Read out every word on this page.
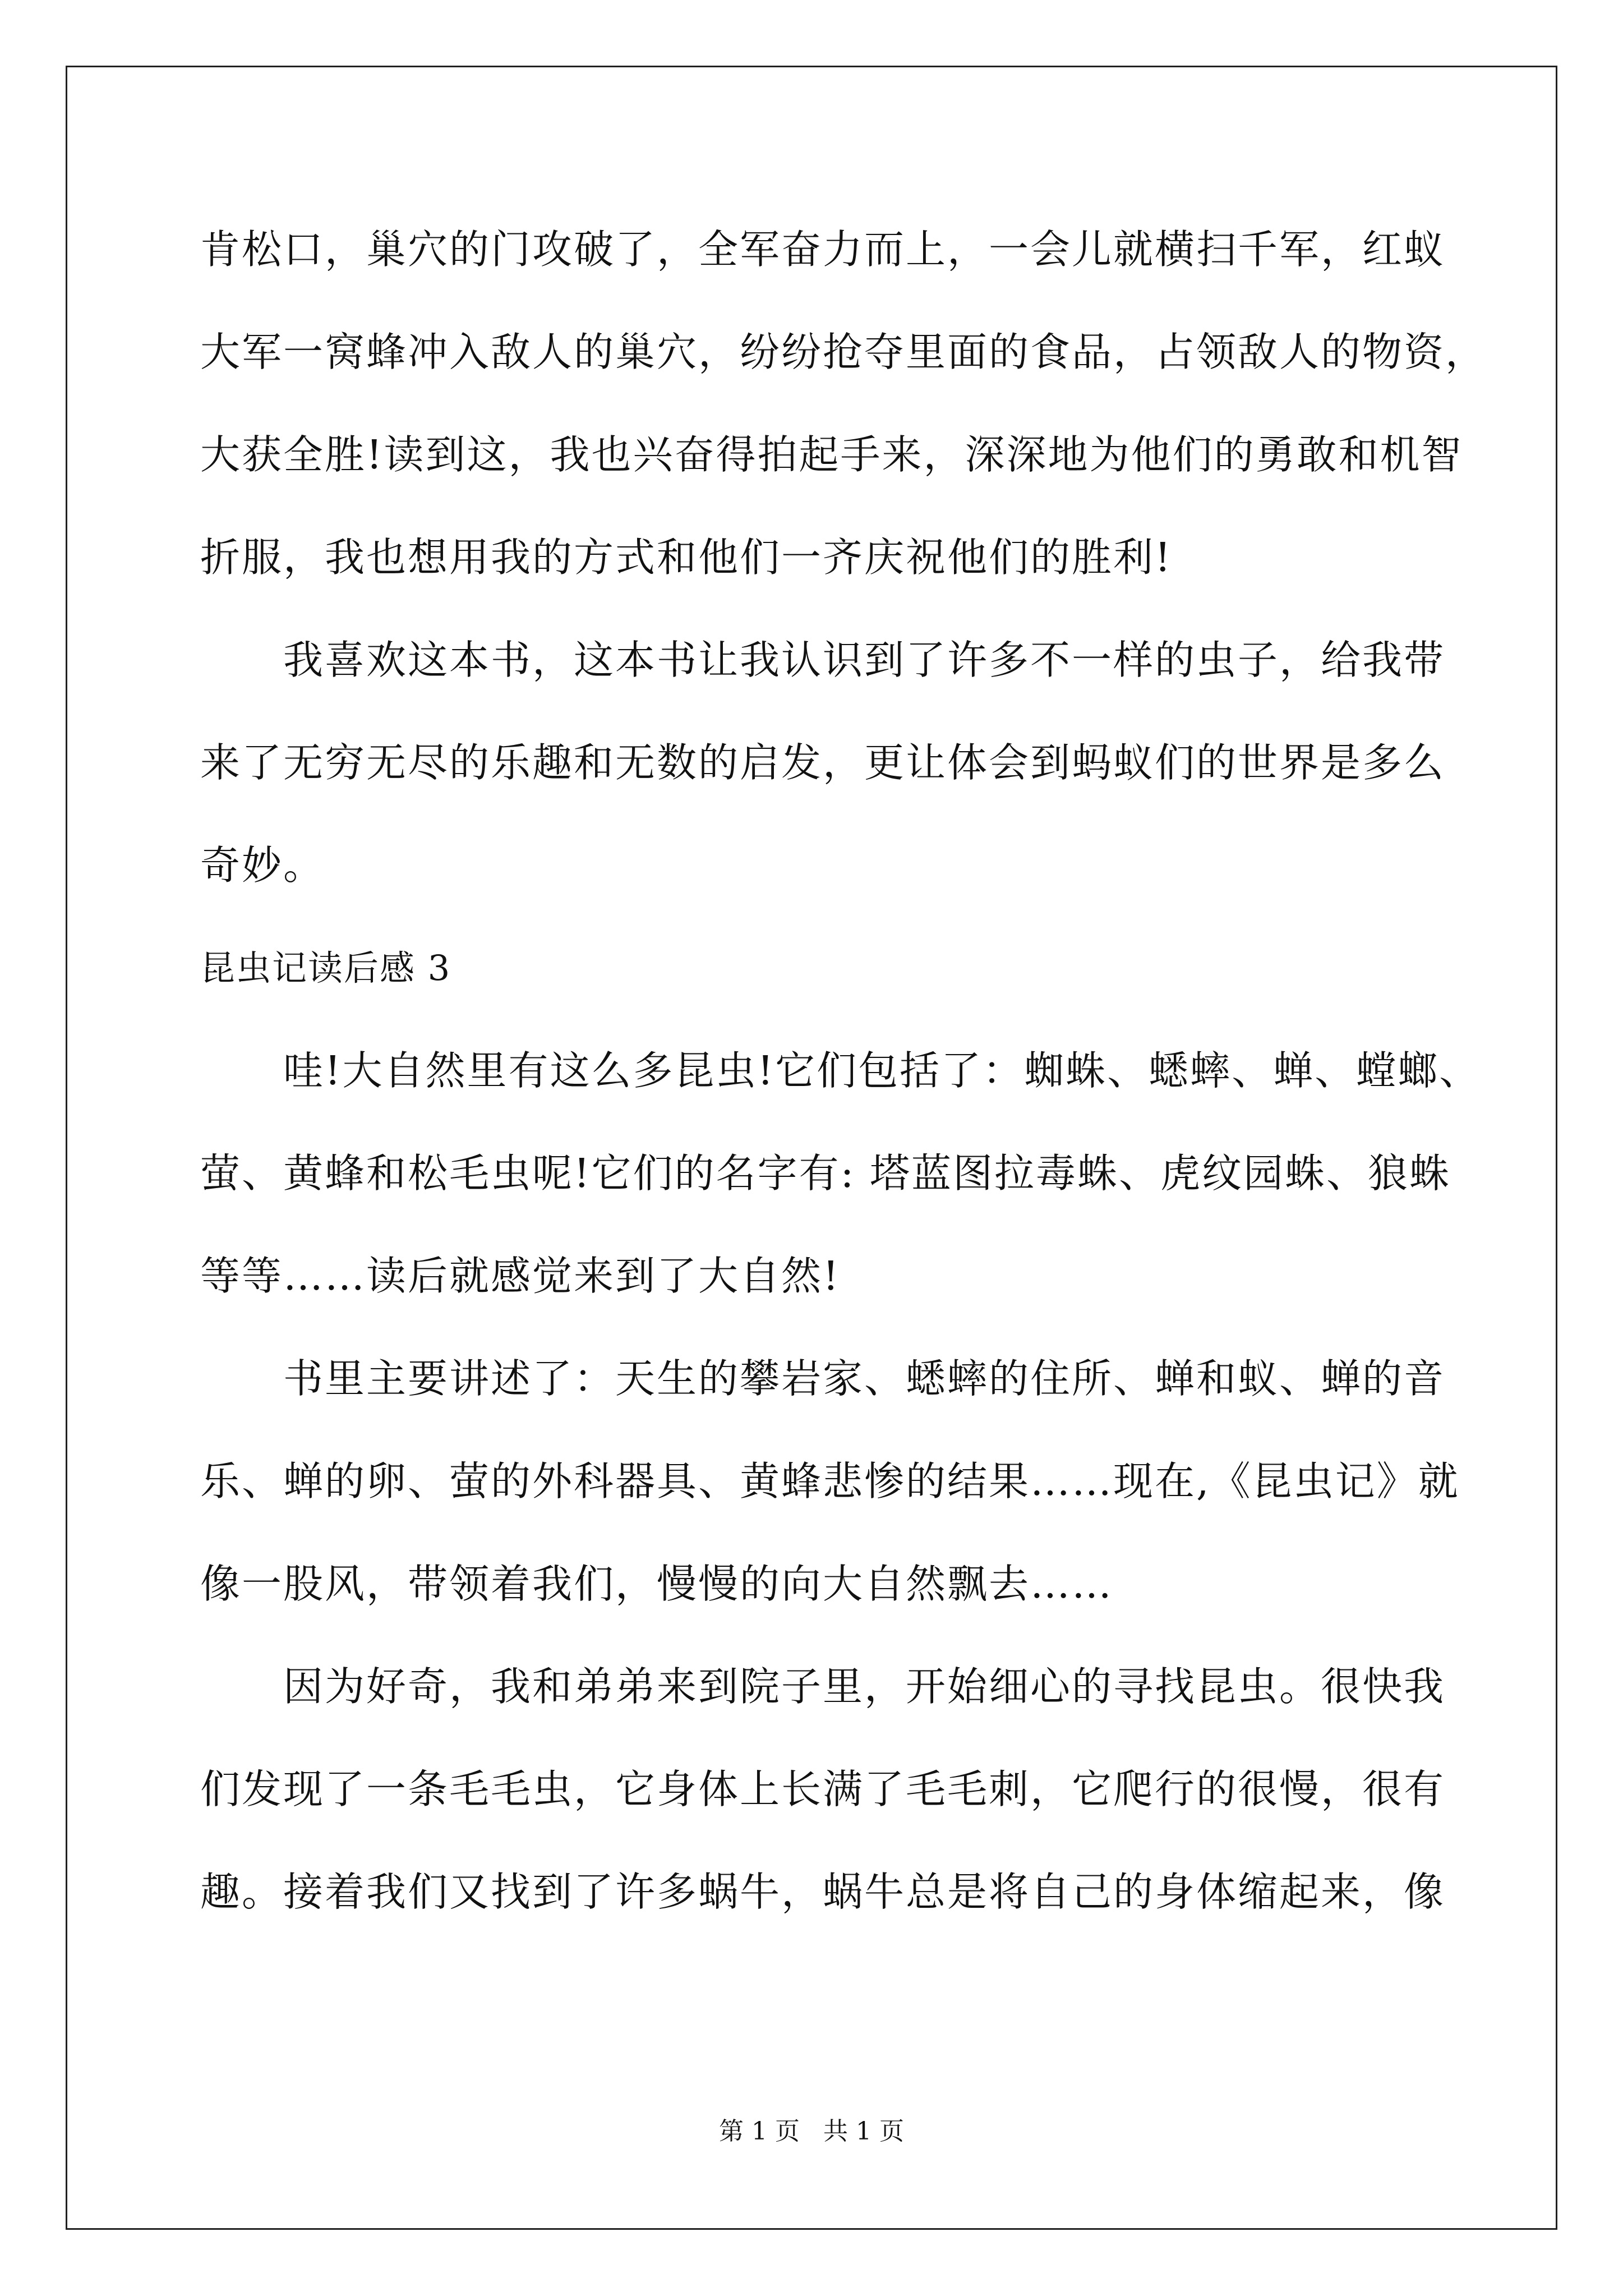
肯松口，巢穴的门攻破了，全军奋力而上，一会儿就横扫千军，红蚁
大军一窝蜂冲入敌人的巢穴，纷纷抢夺里面的食品，占领敌人的物资，
大获全胜!读到这，我也兴奋得拍起手来，深深地为他们的勇敢和机智
折服，我也想用我的方式和他们一齐庆祝他们的胜利!
我喜欢这本书，这本书让我认识到了许多不一样的虫子，给我带
来了无穷无尽的乐趣和无数的启发，更让体会到蚂蚁们的世界是多么
奇妙。
昆虫记读后感 3
哇!大自然里有这么多昆虫!它们包括了：蜘蛛、蟋蟀、蝉、螳螂、
萤、黄蜂和松毛虫呢!它们的名字有: 塔蓝图拉毒蛛、虎纹园蛛、狼蛛
等等……读后就感觉来到了大自然!
书里主要讲述了：天生的攀岩家、蟋蟀的住所、蝉和蚁、蝉的音
乐、蝉的卵、萤的外科器具、黄蜂悲惨的结果……现在,《昆虫记》就
像一股风，带领着我们，慢慢的向大自然飘去……
因为好奇，我和弟弟来到院子里，开始细心的寻找昆虫。很快我
们发现了一条毛毛虫，它身体上长满了毛毛刺，它爬行的很慢，很有
趣。接着我们又找到了许多蜗牛，蜗牛总是将自己的身体缩起来，像
第 1 页   共 1 页
